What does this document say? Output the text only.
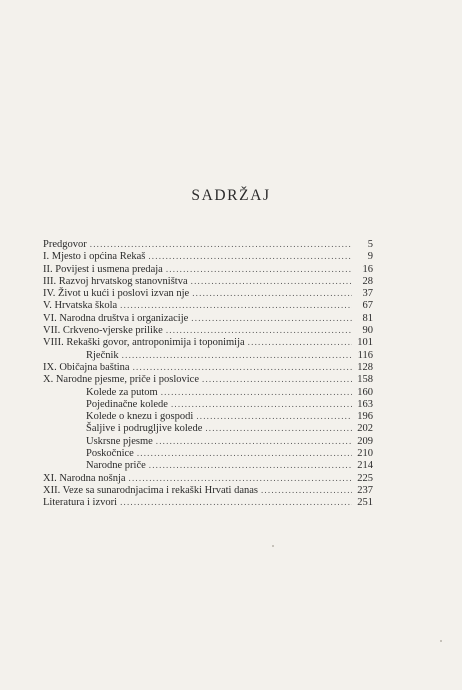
SADRŽAJ
Predgovor .....	5
I. Mjesto i općina Rekaš .....	9
II. Povijest i usmena predaja .....	16
III. Razvoj hrvatskog stanovništva .....	28
IV. Život u kući i poslovi izvan nje .....	37
V. Hrvatska škola .....	67
VI. Narodna društva i organizacije .....	81
VII. Crkveno-vjerske prilike .....	90
VIII. Rekaški govor, antroponimija i toponimija .....	101
Rječnik .....	116
IX. Običajna baština .....	128
X. Narodne pjesme, priče i poslovice .....	158
Kolede za putom .....	160
Pojedinačne kolede .....	163
Kolede o knezu i gospodi .....	196
Šaljive i podrugljive kolede .....	202
Uskrsne pjesme .....	209
Poskočnice .....	210
Narodne priče .....	214
XI. Narodna nošnja .....	225
XII. Veze sa sunarodnjacima i rekaški Hrvati danas .....	237
Literatura i izvori .....	251
